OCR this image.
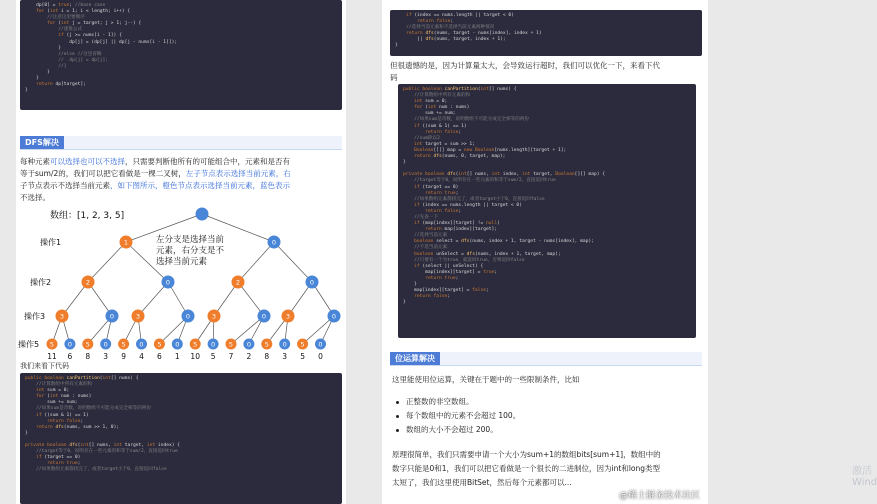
dp[0] = true; //base case
for (int i = 1; i < length; i++) {
//注意这里要倒序
for (int j = target; j > 1; j--) {
//递推公式
if (j >= nums[i - 1]) {
dp[j] = (dp[j] || dp[j - nums[i - 1]]);
}
//else //这里省略
//  dp[j] = dp[j];
//}
}
}
return dp[target];
}
DFS解决
每种元素可以选择也可以不选择，只需要判断他所有的可能组合中，元素和是否有
等于sum/2的，我们可以把它看做是一棵二叉树，左子节点表示选择当前元素，右
子节点表示不选择当前元素，如下图所示，橙色节点表示选择当前元素，蓝色表示
不选择。
数组：[1, 2, 3, 5]
1	0
2	0	2	0
3	0	3	0	3	0	3	0
5 0 5 0 5 0 5 0 5 0 5 0 5 0 5 0
操作1
操作2
操作3
操作5
左分支是选择当前
元素，右分支是不
选择当前元素
11 6 8 3 9 4 6 1 10 5 7 2 8 3 5 0
我们来看下代码
public boolean canPartition(int[] nums) {
//计算数组中所有元素的和
int sum = 0;
for (int num : nums)
sum += num;
//如果sum是奇数，说明数组不可能分成完全相等的两份
if ((sum & 1) == 1)
return false;
return dfs(nums, sum >> 1, 0);
}

private boolean dfs(int[] nums, int target, int index) {
//target等于0，说明存在一些元素的和等于sum/2，直接返回true
if (target == 0)
return true;
//如果数组元素都找完了，或者target小于0，直接返回false
if (index == nums.length || target < 0)
return false;
//选择当前元素和不选择当前元素两种情况
return dfs(nums, target - nums[index], index + 1)
|| dfs(nums, target, index + 1);
}
但很遗憾的是，因为计算量太大，会导致运行超时，我们可以优化一下，来看下代
码
public boolean canPartition(int[] nums) {
//计算数组中所有元素的和
int sum = 0;
for (int num : nums)
sum += num;
//如果sum是奇数，说明数组不可能分成完全相等的两份
if ((sum & 1) == 1)
return false;
//sum除以2
int target = sum >> 1;
Boolean[][] map = new Boolean[nums.length][target + 1];
return dfs(nums, 0, target, map);
}

private boolean dfs(int[] nums, int index, int target, Boolean[][] map) {
//target等于0，说明存在一些元素的和等于sum/2，直接返回true
if (target == 0)
return true;
//如果数组元素都找完了，或者target小于0，直接返回false
if (index == nums.length || target < 0)
return false;
//先查一下
if (map[index][target] != null)
return map[index][target];
//选择当前元素
boolean select = dfs(nums, index + 1, target - nums[index], map);
//不选当前元素
boolean unSelect = dfs(nums, index + 1, target, map);
//只要有一个为true，就返回true，否则返回false
if (select || unSelect) {
map[index][target] = true;
return true;
}
map[index][target] = false;
return false;
}
位运算解决
这里能使用位运算，关键在于题中的一些限制条件，比如
正整数的非空数组。
每个数组中的元素不会超过 100。
数组的大小不会超过 200。
原理很简单，我们只需要申请一个大小为sum+1的数组bits[sum+1]，数组中的
数字只能是0和1，我们可以把它看做是一个很长的二进制位，因为int和long类型
太短了，我们这里使用BitSet，然后每个元素都可以...
激活 Wind
@稀土掘金技术社区
